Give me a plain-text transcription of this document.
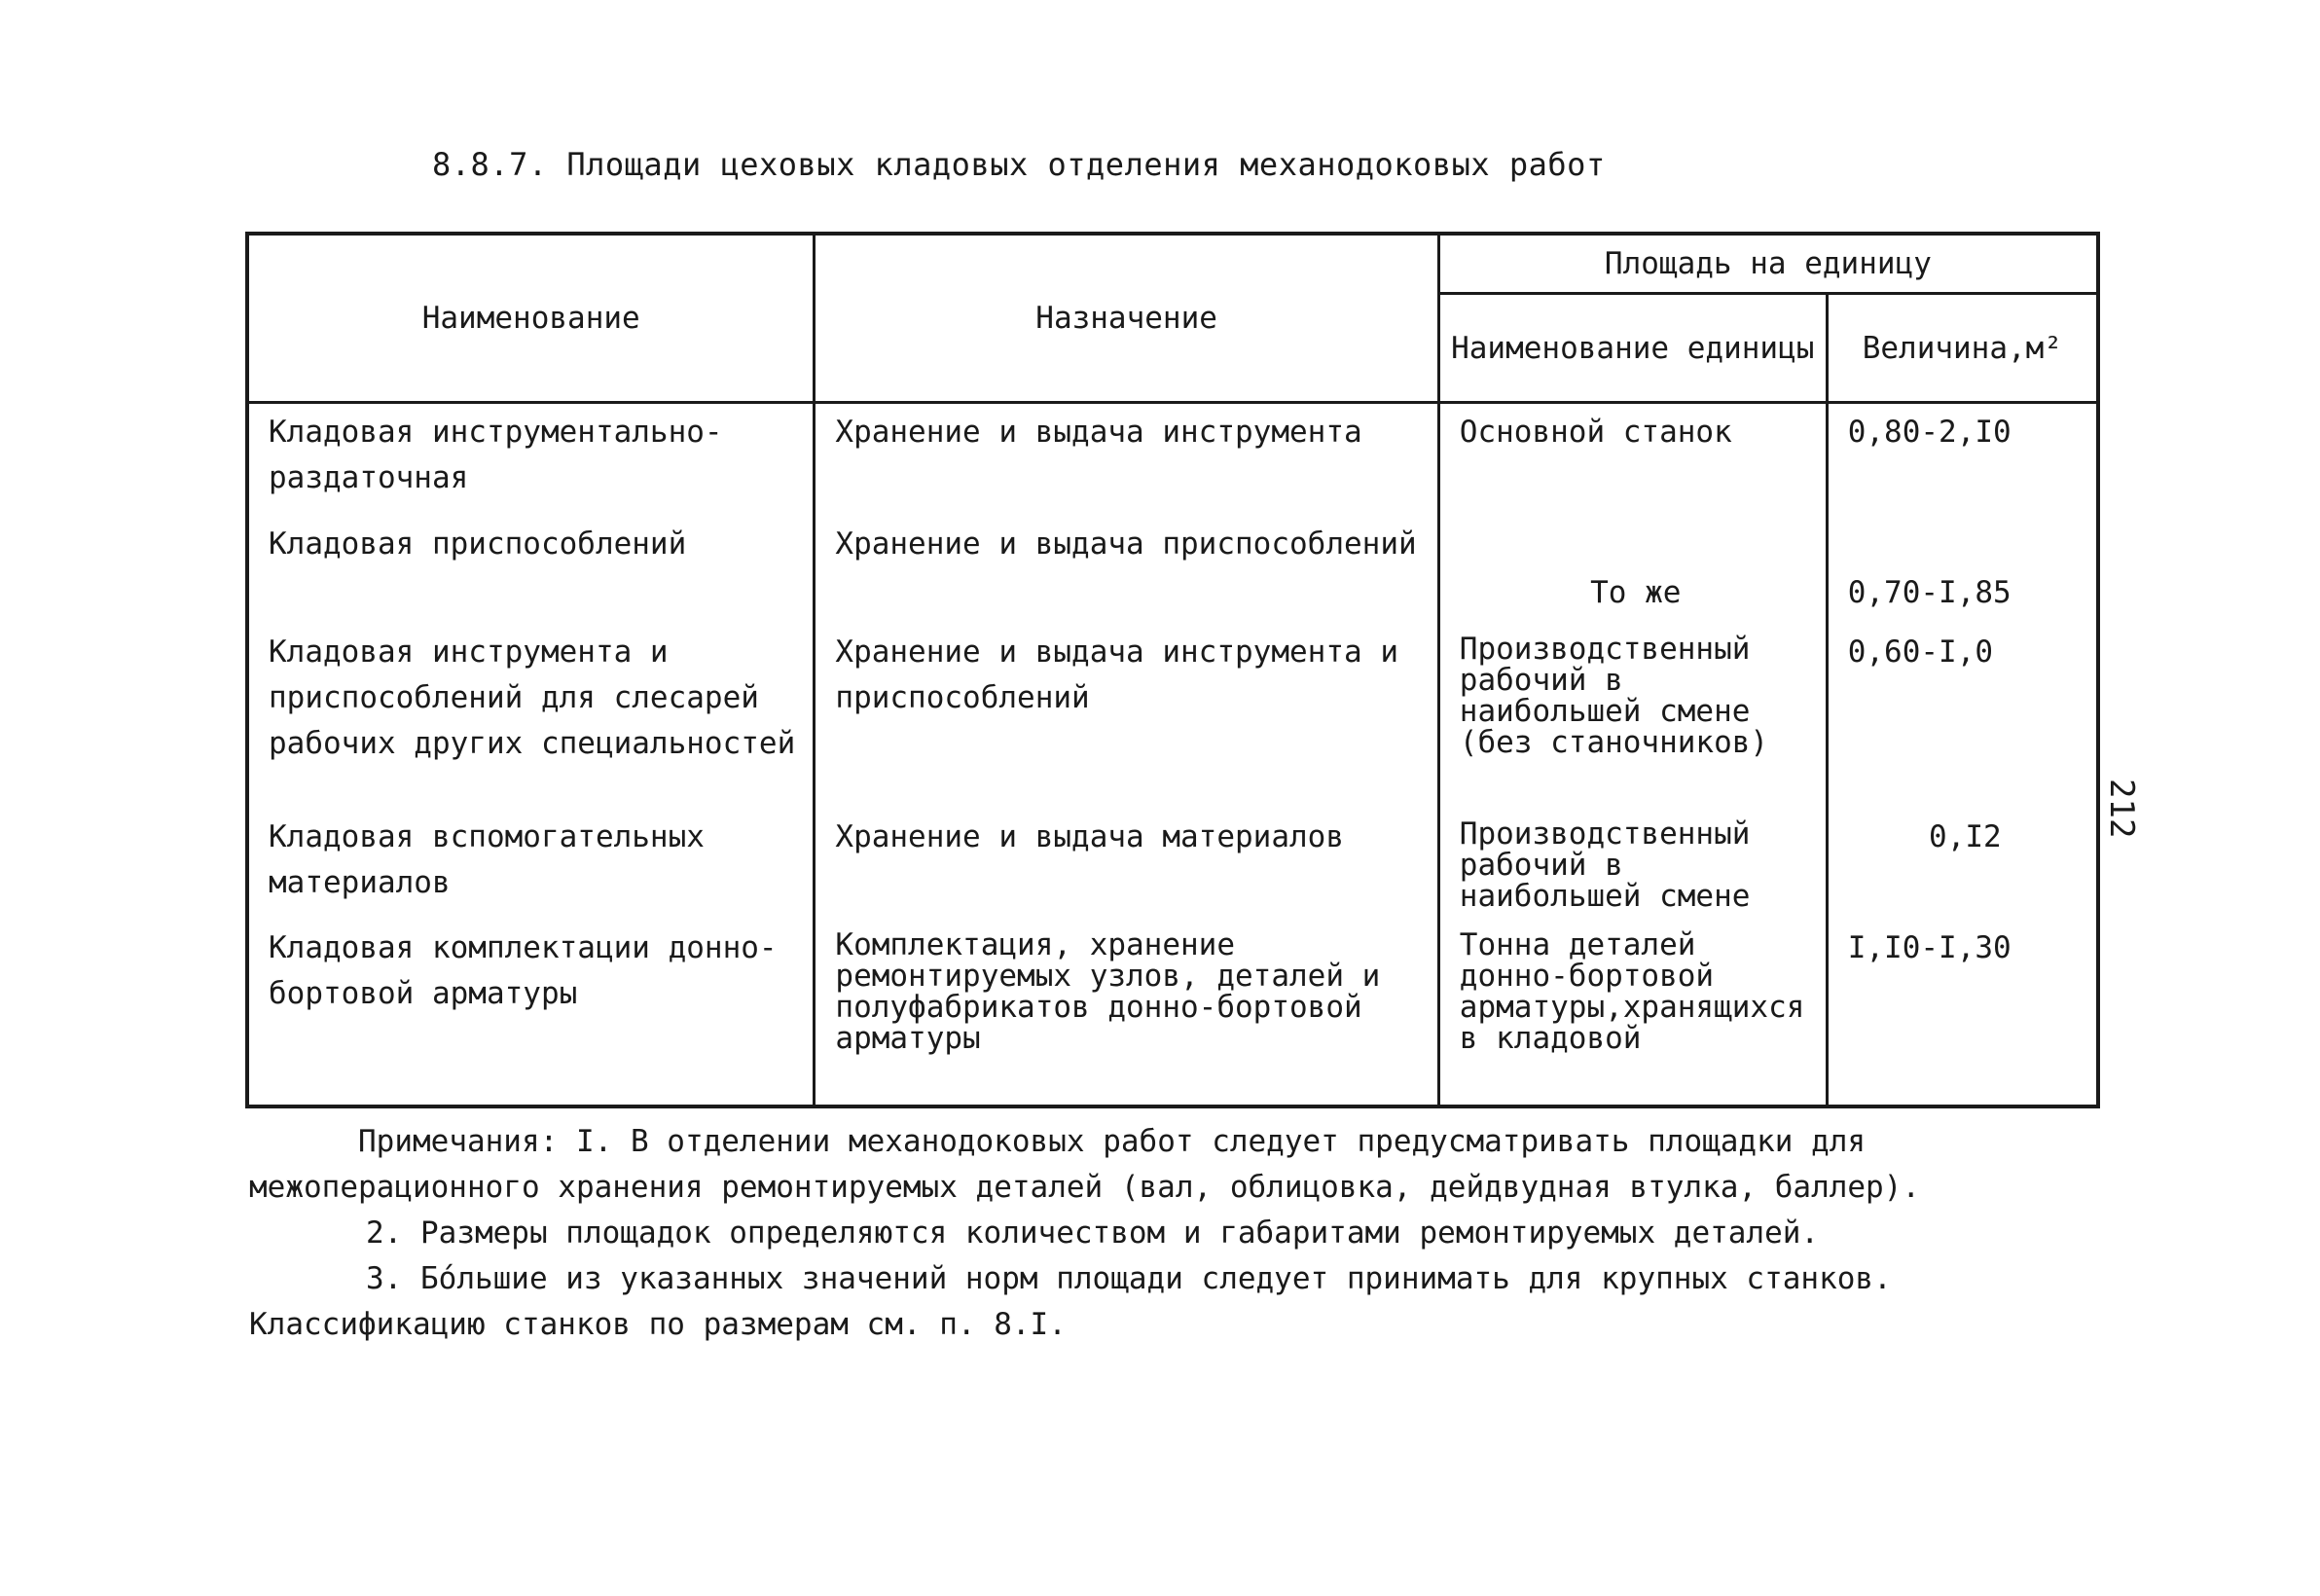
8.8.7. Площади цеховых кладовых отделения механодоковых работ
212
Наименование	Назначение	Площадь на единицу	
		Наименование единицы	Величина,м²

Кладовая инструментально-раздаточная	Хранение и выдача инструмента	Основной станок	0,80-2,I0

Кладовая приспособлений	Хранение и выдача приспособлений	То же	0,70-I,85

Кладовая инструмента и приспособлений для слесарей рабочих других специальностей	Хранение и выдача инструмента и приспособлений	Производственный рабочий в наибольшей смене (без станочников)	0,60-I,0

Кладовая вспомогательных материалов	Хранение и выдача материалов	Производственный рабочий в наибольшей смене	0,I2

Кладовая комплектации донно-бортовой арматуры	Комплектация, хранение ремонтируемых узлов, деталей и полуфабрикатов донно-бортовой арматуры	Тонна деталей донно-бортовой арматуры,хранящихся в кладовой	I,I0-I,30
Примечания: I. В отделении механодоковых работ следует предусматривать площадки для
межоперационного хранения ремонтируемых деталей (вал, облицовка, дейдвудная втулка, баллер).
2. Размеры площадок определяются количеством и габаритами ремонтируемых деталей.
3. Бо́льшие из указанных значений норм площади следует принимать для крупных станков.
Классификацию станков по размерам см. п. 8.I.
